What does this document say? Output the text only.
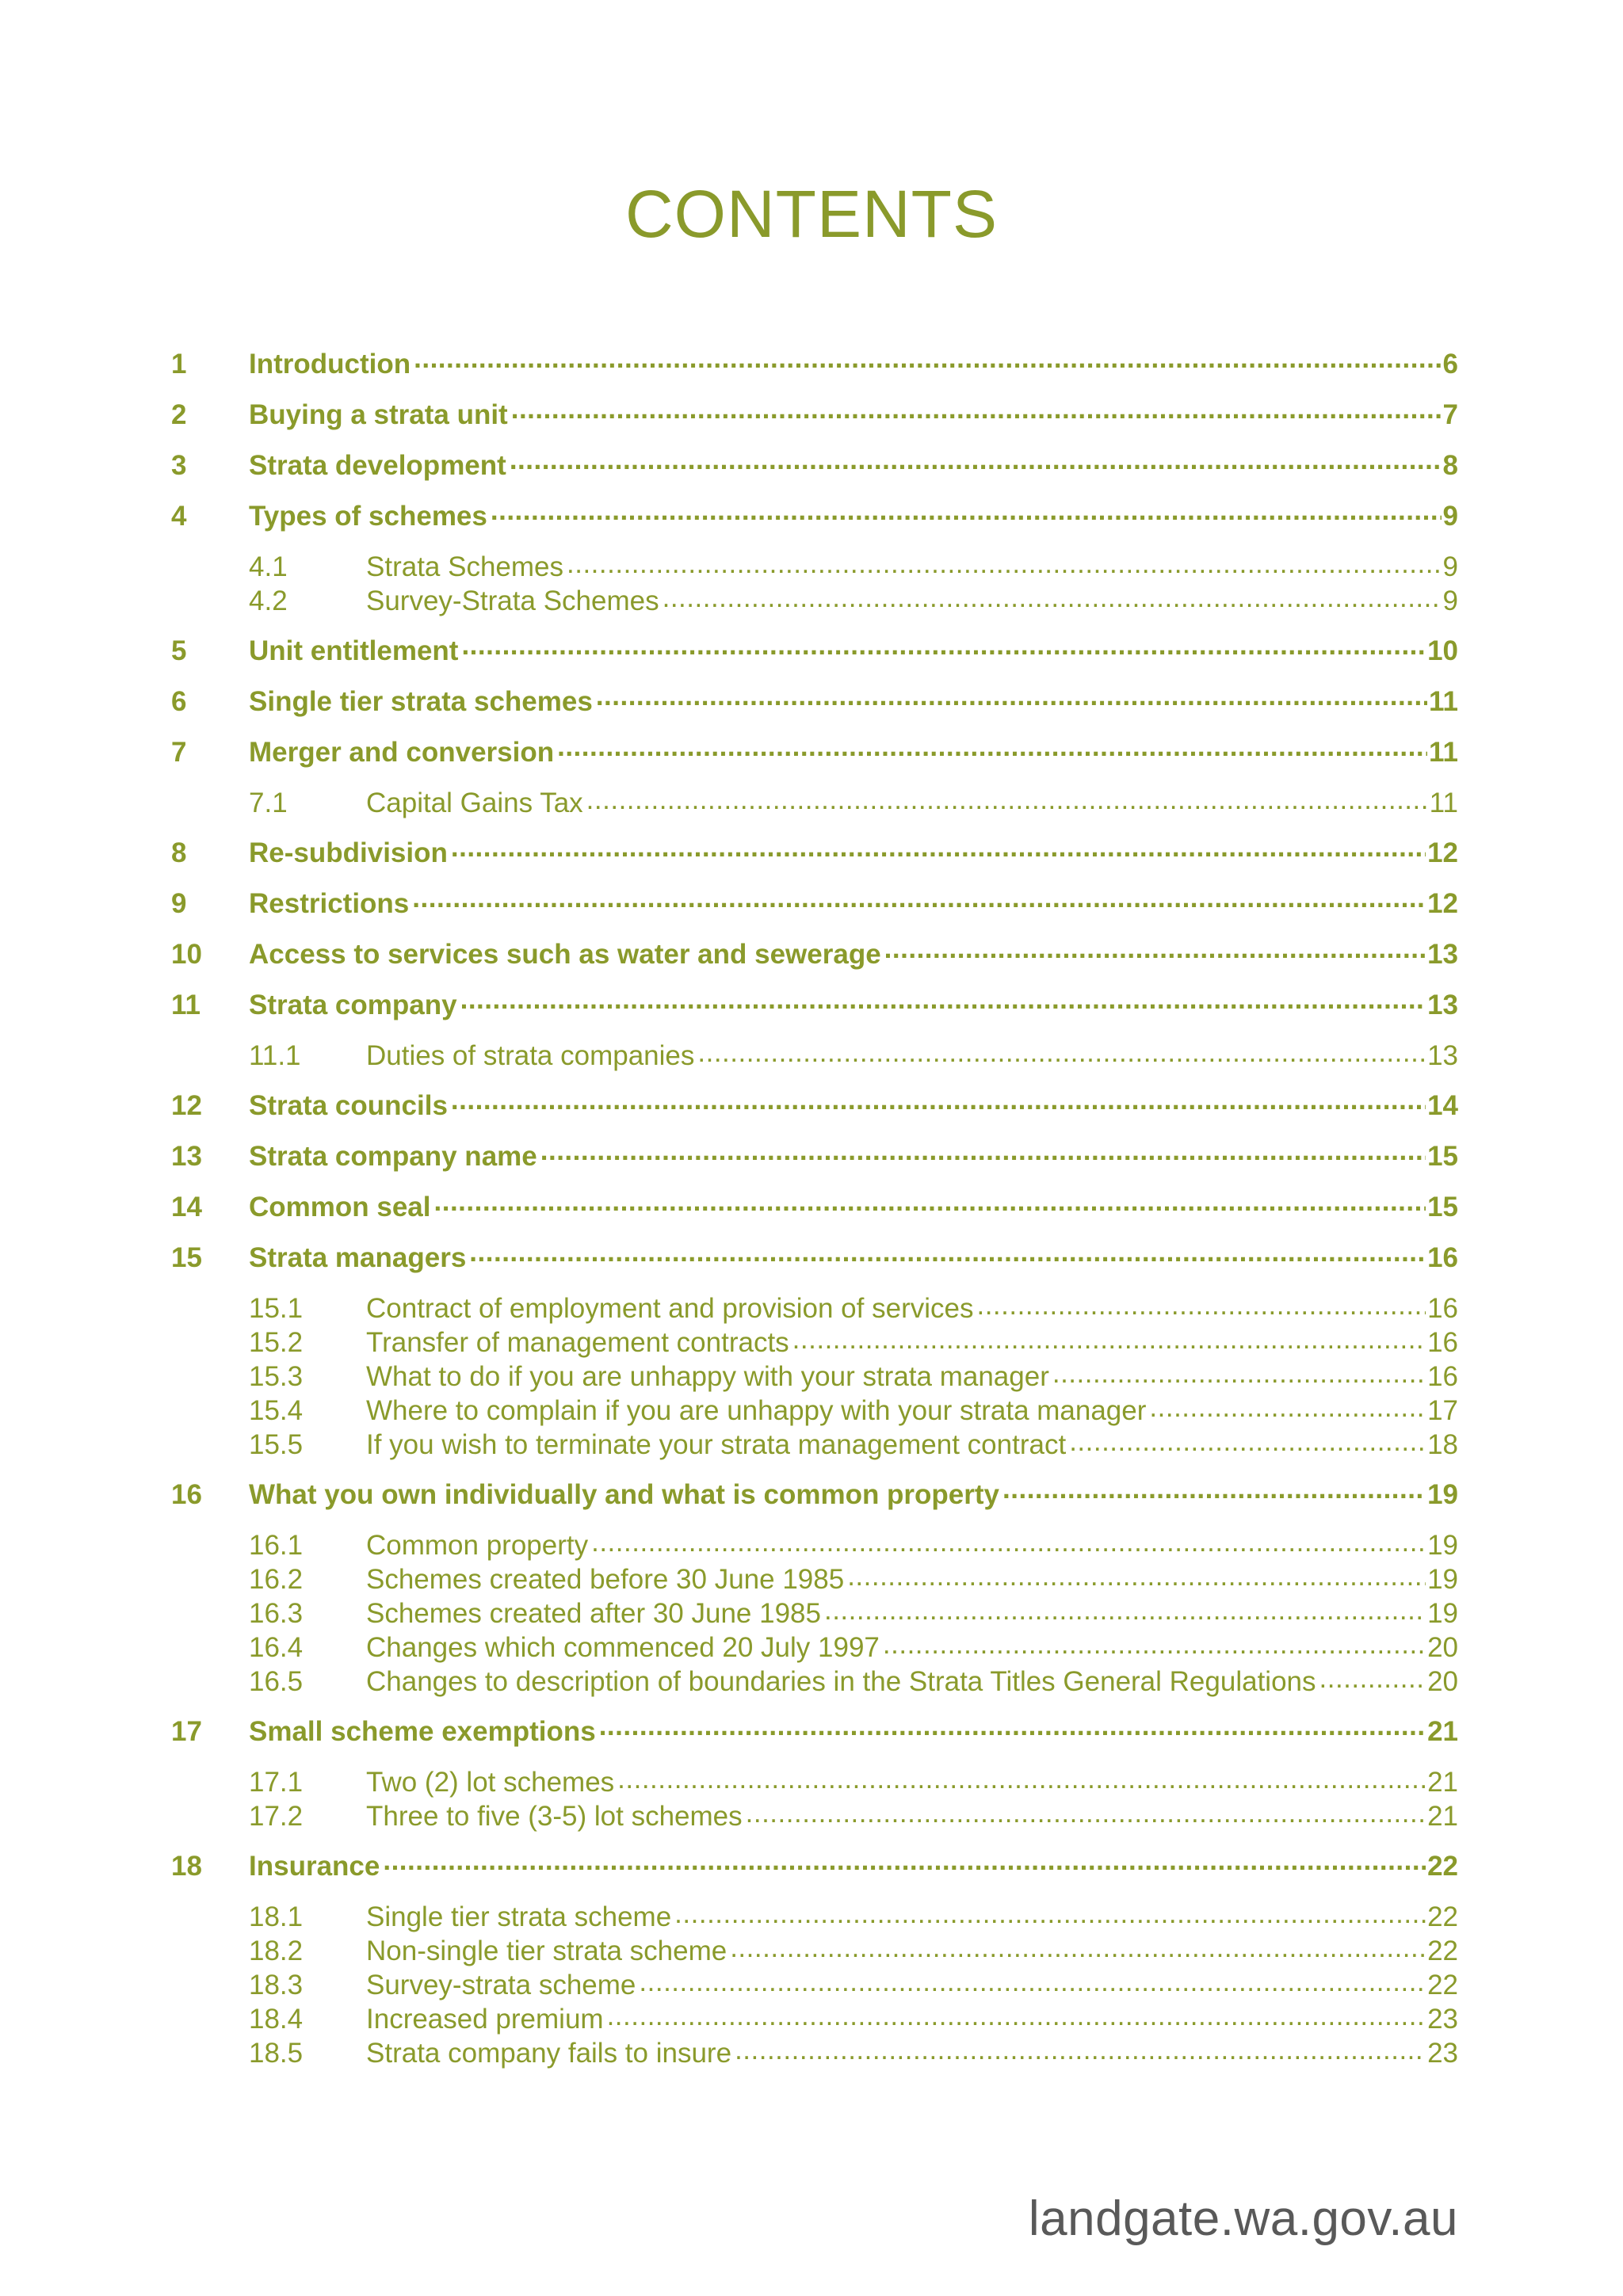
CONTENTS
1	Introduction .....	6
2	Buying a strata unit .....	7
3	Strata development .....	8
4	Types of schemes .....	9
4.1	Strata Schemes .....	9
4.2	Survey-Strata Schemes .....	9
5	Unit entitlement .....	10
6	Single tier strata schemes .....	11
7	Merger and conversion .....	11
7.1	Capital Gains Tax .....	11
8	Re-subdivision .....	12
9	Restrictions .....	12
10	Access to services such as water and sewerage .....	13
11	Strata company .....	13
11.1	Duties of strata companies .....	13
12	Strata councils .....	14
13	Strata company name .....	15
14	Common seal .....	15
15	Strata managers .....	16
15.1	Contract of employment and provision of services .....	16
15.2	Transfer of management contracts .....	16
15.3	What to do if you are unhappy with your strata manager .....	16
15.4	Where to complain if you are unhappy with your strata manager .....	17
15.5	If you wish to terminate your strata management contract .....	18
16	What you own individually and what is common property .....	19
16.1	Common property .....	19
16.2	Schemes created before 30 June 1985 .....	19
16.3	Schemes created after 30 June 1985 .....	19
16.4	Changes which commenced 20 July 1997 .....	20
16.5	Changes to description of boundaries in the Strata Titles General Regulations .....	20
17	Small scheme exemptions .....	21
17.1	Two (2) lot schemes .....	21
17.2	Three to five (3-5) lot schemes .....	21
18	Insurance .....	22
18.1	Single tier strata scheme .....	22
18.2	Non-single tier strata scheme .....	22
18.3	Survey-strata scheme .....	22
18.4	Increased premium .....	23
18.5	Strata company fails to insure .....	23
landgate.wa.gov.au
